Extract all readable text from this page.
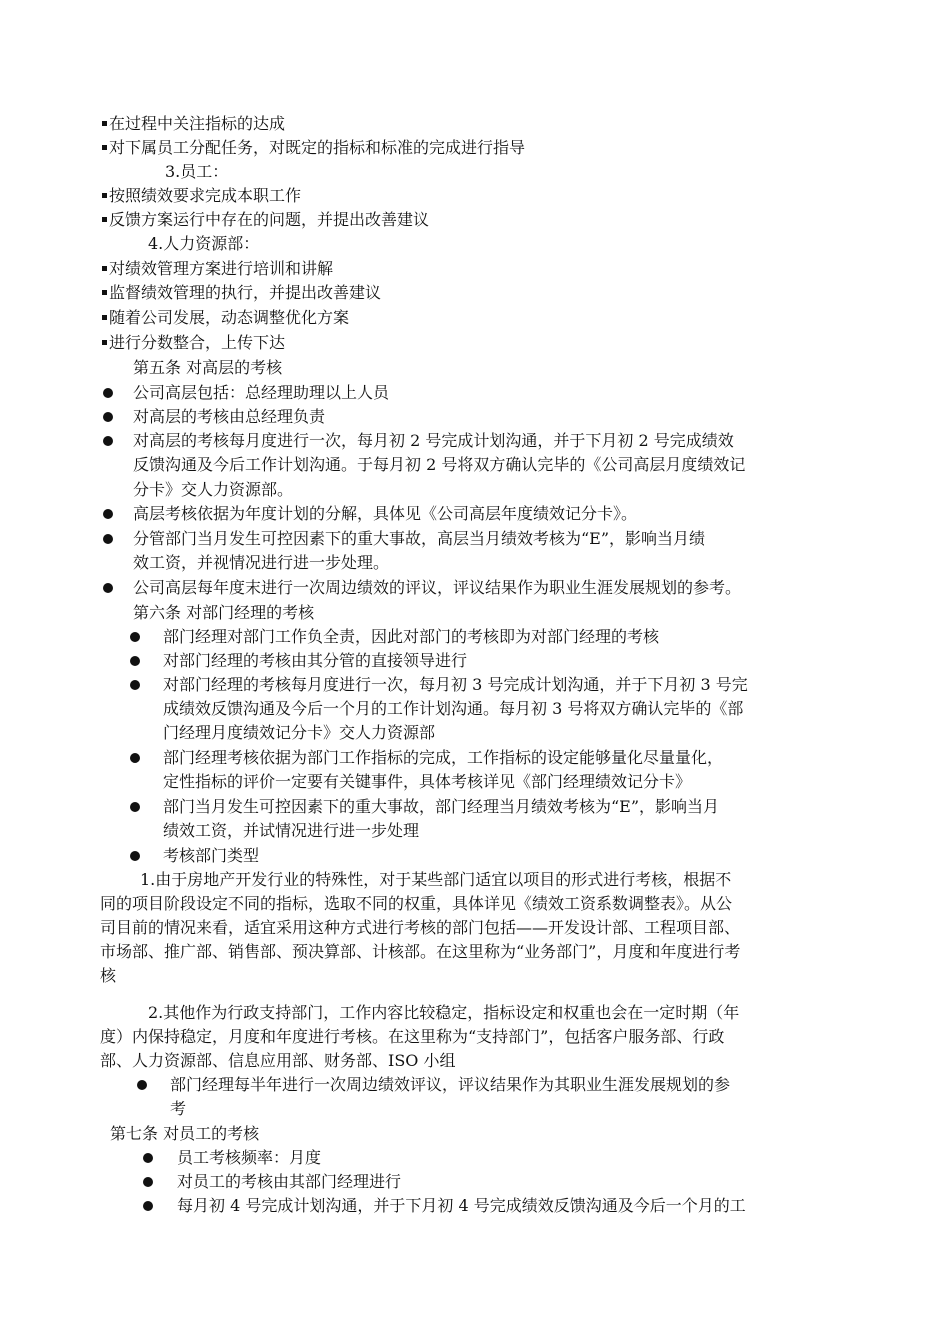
在过程中关注指标的达成
对下属员工分配任务，对既定的指标和标准的完成进行指导
3.员工：
按照绩效要求完成本职工作
反馈方案运行中存在的问题，并提出改善建议
4.人力资源部：
对绩效管理方案进行培训和讲解
监督绩效管理的执行，并提出改善建议
随着公司发展，动态调整优化方案
进行分数整合，上传下达
第五条 对高层的考核
公司高层包括：总经理助理以上人员
对高层的考核由总经理负责
对高层的考核每月度进行一次，每月初 2 号完成计划沟通，并于下月初 2 号完成绩效
反馈沟通及今后工作计划沟通。于每月初 2 号将双方确认完毕的《公司高层月度绩效记
分卡》交人力资源部。
高层考核依据为年度计划的分解，具体见《公司高层年度绩效记分卡》。
分管部门当月发生可控因素下的重大事故，高层当月绩效考核为“E”，影响当月绩
效工资，并视情况进行进一步处理。
公司高层每年度末进行一次周边绩效的评议，评议结果作为职业生涯发展规划的参考。
第六条 对部门经理的考核
部门经理对部门工作负全责，因此对部门的考核即为对部门经理的考核
对部门经理的考核由其分管的直接领导进行
对部门经理的考核每月度进行一次，每月初 3 号完成计划沟通，并于下月初 3 号完
成绩效反馈沟通及今后一个月的工作计划沟通。每月初 3 号将双方确认完毕的《部
门经理月度绩效记分卡》交人力资源部
部门经理考核依据为部门工作指标的完成，工作指标的设定能够量化尽量量化，
定性指标的评价一定要有关键事件，具体考核详见《部门经理绩效记分卡》
部门当月发生可控因素下的重大事故，部门经理当月绩效考核为“E”，影响当月
绩效工资，并试情况进行进一步处理
考核部门类型
1.由于房地产开发行业的特殊性，对于某些部门适宜以项目的形式进行考核，根据不
同的项目阶段设定不同的指标，选取不同的权重，具体详见《绩效工资系数调整表》。从公
司目前的情况来看，适宜采用这种方式进行考核的部门包括——开发设计部、工程项目部、
市场部、推广部、销售部、预决算部、计核部。在这里称为“业务部门”，月度和年度进行考
核
2.其他作为行政支持部门，工作内容比较稳定，指标设定和权重也会在一定时期（年
度）内保持稳定，月度和年度进行考核。在这里称为“支持部门”，包括客户服务部、行政
部、人力资源部、信息应用部、财务部、ISO 小组
部门经理每半年进行一次周边绩效评议，评议结果作为其职业生涯发展规划的参
考
第七条 对员工的考核
员工考核频率：月度
对员工的考核由其部门经理进行
每月初 4 号完成计划沟通，并于下月初 4 号完成绩效反馈沟通及今后一个月的工
